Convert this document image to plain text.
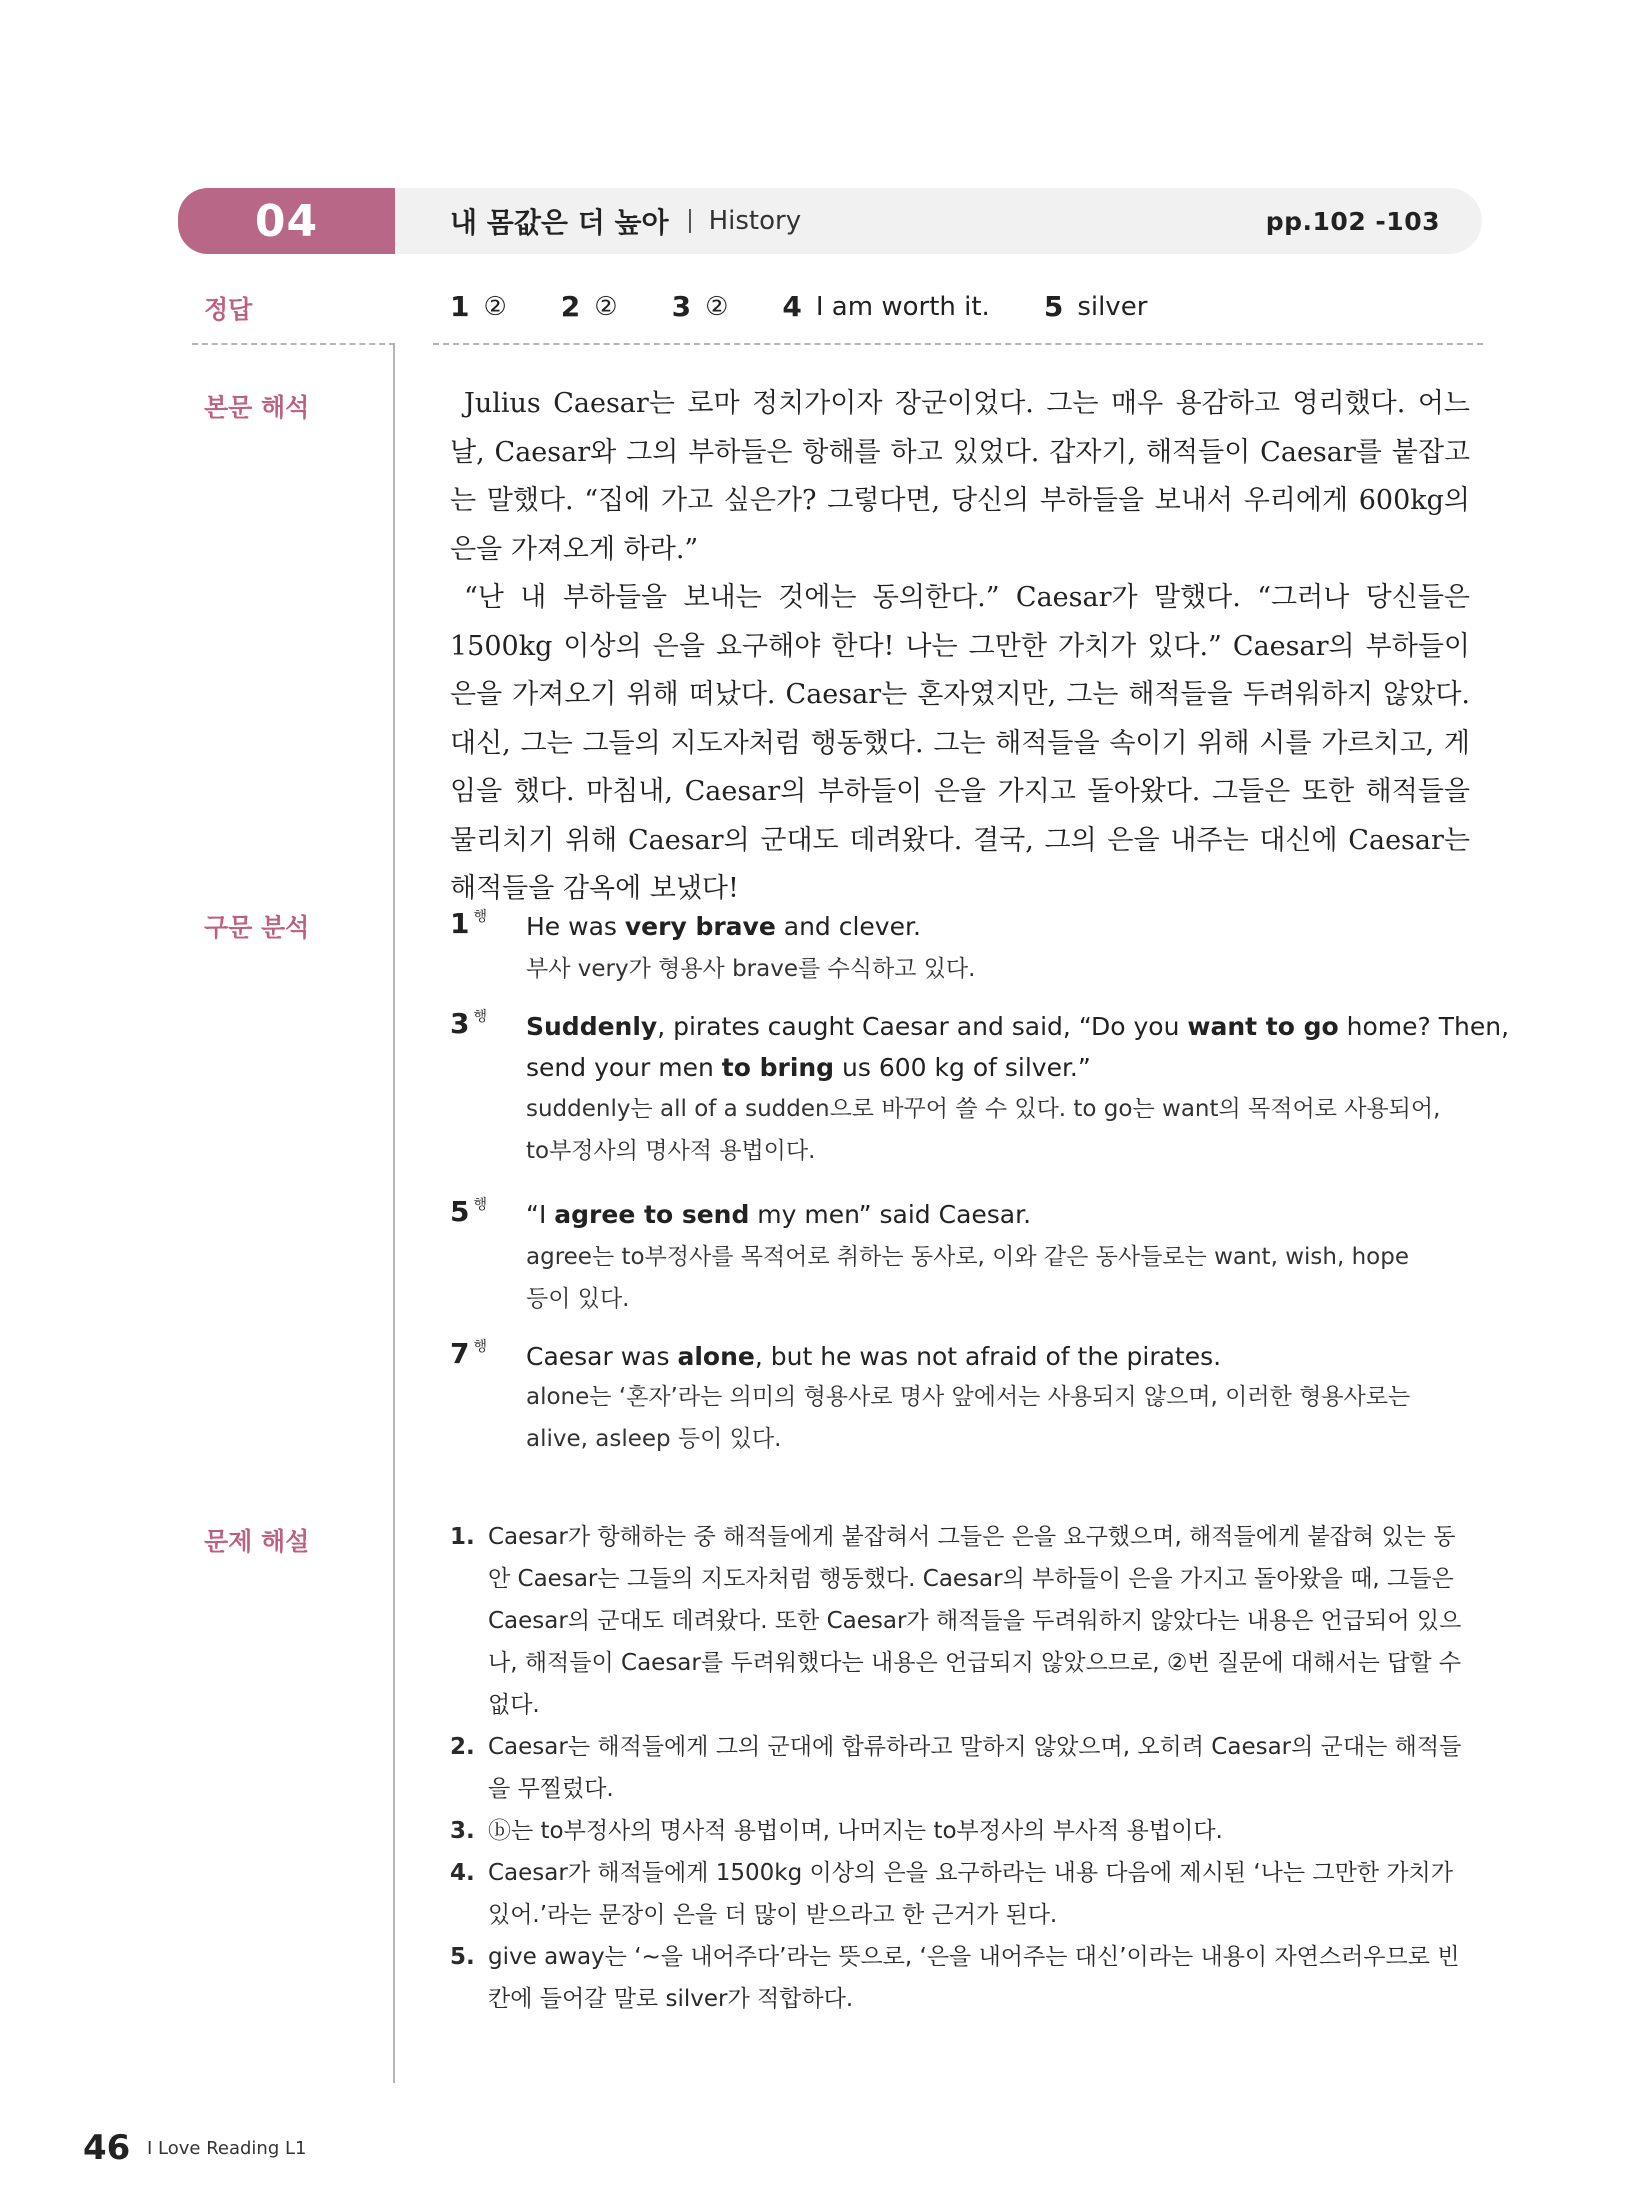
04	내 몸값은 더 높아 History	pp.102 -103
정답	1 ② 2 ② 3 ② 4 I am worth it. 5 silver
본문 해석	Julius Caesar는 로마 정치가이자 장군이었다. 그는 매우 용감하고 영리했다. 어느 날, Caesar와 그의 부하들은 항해를 하고 있었다. 갑자기, 해적들이 Caesar를 붙잡고는 말했다. “집에 가고 싶은가? 그렇다면, 당신의 부하들을 보내서 우리에게 600kg의 은을 가져오게 하라.”

“난 내 부하들을 보내는 것에는 동의한다.” Caesar가 말했다. “그러나 당신들은 1500kg 이상의 은을 요구해야 한다! 나는 그만한 가치가 있다.” Caesar의 부하들이 은을 가져오기 위해 떠났다. Caesar는 혼자였지만, 그는 해적들을 두려워하지 않았다. 대신, 그는 그들의 지도자처럼 행동했다. 그는 해적들을 속이기 위해 시를 가르치고, 게임을 했다. 마침내, Caesar의 부하들이 은을 가지고 돌아왔다. 그들은 또한 해적들을 물리치기 위해 Caesar의 군대도 데려왔다. 결국, 그의 은을 내주는 대신에 Caesar는 해적들을 감옥에 보냈다!

구문 분석	1 $^행$ He was very brave and clever.
부사 very가 형용사 brave를 수식하고 있다.
3 $^행$ Suddenly, pirates caught Caesar and said, “Do you want to go home? Then,
send your men to bring us 600 kg of silver.”
suddenly는 all of a sudden으로 바꾸어 쓸 수 있다. to go는 want의 목적어로 사용되어,
to부정사의 명사적 용법이다.
5 $^행$ “I agree to send my men” said Caesar.
agree는 to부정사를 목적어로 취하는 동사로, 이와 같은 동사들로는 want, wish, hope
등이 있다.
7 $^행$ Caesar was alone, but he was not afraid of the pirates.
alone는 ‘혼자’라는 의미의 형용사로 명사 앞에서는 사용되지 않으며, 이러한 형용사로는
alive, asleep 등이 있다.
문제 해설	1. Caesar가 항해하는 중 해적들에게 붙잡혀서 그들은 은을 요구했으며, 해적들에게 붙잡혀 있는 동안 Caesar는 그들의 지도자처럼 행동했다. Caesar의 부하들이 은을 가지고 돌아왔을 때, 그들은 Caesar의 군대도 데려왔다. 또한 Caesar가 해적들을 두려워하지 않았다는 내용은 언급되어 있으나, 해적들이 Caesar를 두려워했다는 내용은 언급되지 않았으므로, ②번 질문에 대해서는 답할 수 없다.
2. Caesar는 해적들에게 그의 군대에 합류하라고 말하지 않았으며, 오히려 Caesar의 군대는 해적들을 무찔렀다.
3. ⓑ는 to부정사의 명사적 용법이며, 나머지는 to부정사의 부사적 용법이다.
4. Caesar가 해적들에게 1500kg 이상의 은을 요구하라는 내용 다음에 제시된 ‘나는 그만한 가치가 있어.’라는 문장이 은을 더 많이 받으라고 한 근거가 된다.
5. give away는 ‘~을 내어주다’라는 뜻으로, ‘은을 내어주는 대신’이라는 내용이 자연스러우므로 빈칸에 들어갈 말로 silver가 적합하다.
46 I Love Reading L1
